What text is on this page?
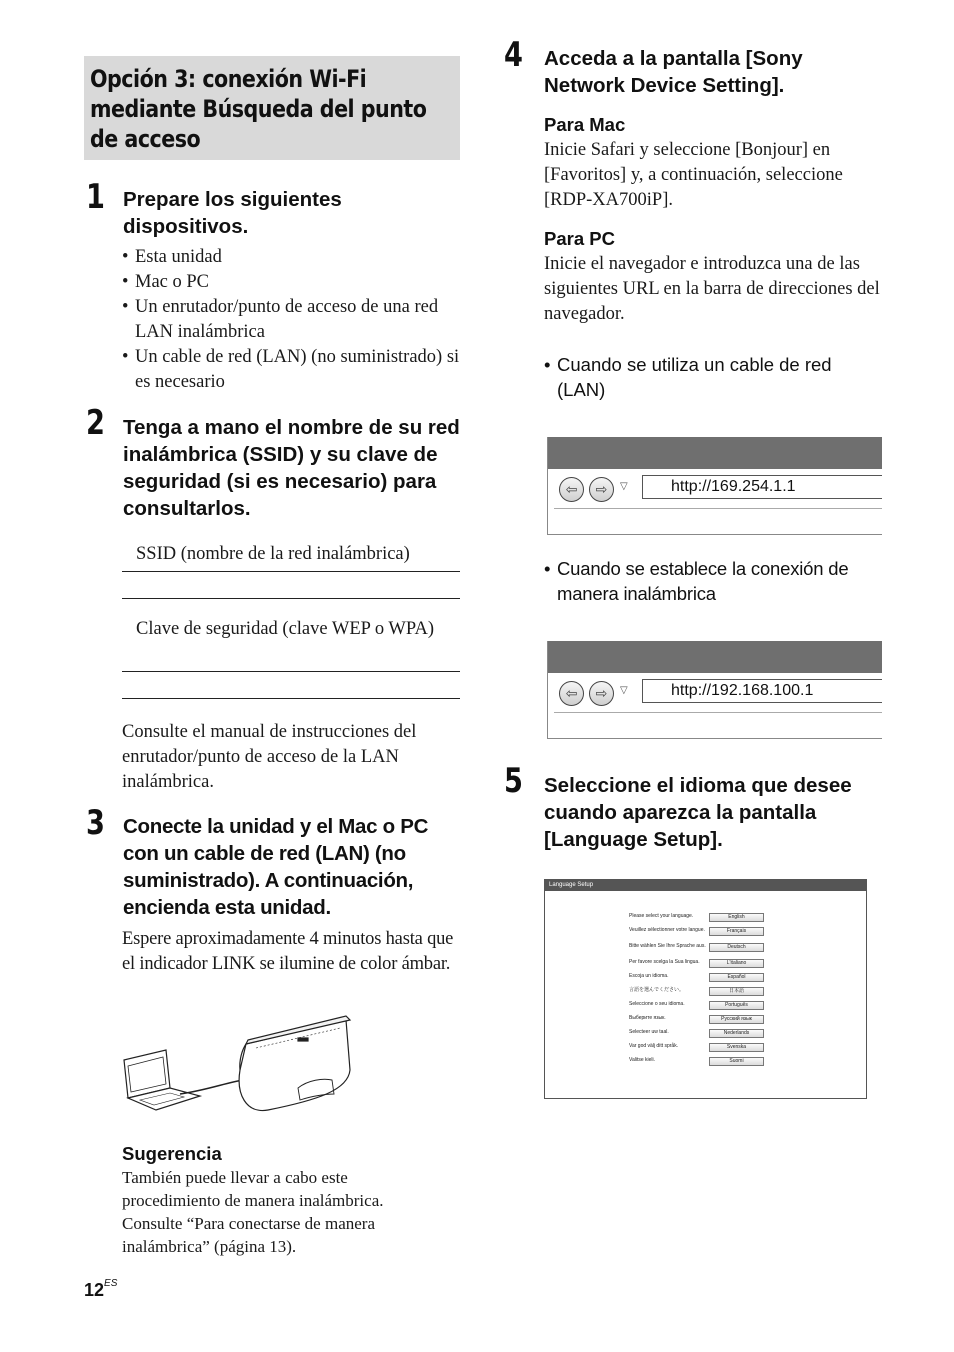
Opción 3: conexión Wi-Fi mediante Búsqueda del punto de acceso
1 Prepare los siguientes dispositivos.
• Esta unidad
• Mac o PC
• Un enrutador/punto de acceso de una red LAN inalámbrica
• Un cable de red (LAN) (no suministrado) si es necesario
2 Tenga a mano el nombre de su red inalámbrica (SSID) y su clave de seguridad (si es necesario) para consultarlos.
SSID (nombre de la red inalámbrica)
Clave de seguridad (clave WEP o WPA)
Consulte el manual de instrucciones del enrutador/punto de acceso de la LAN inalámbrica.
3 Conecte la unidad y el Mac o PC con un cable de red (LAN) (no suministrado). A continuación, encienda esta unidad.
Espere aproximadamente 4 minutos hasta que el indicador LINK se ilumine de color ámbar.
Sugerencia
También puede llevar a cabo este procedimiento de manera inalámbrica. Consulte “Para conectarse de manera inalámbrica” (página 13).
$12^{ES}$
4 Acceda a la pantalla [Sony Network Device Setting].
Para Mac
Inicie Safari y seleccione [Bonjour] en [Favoritos] y, a continuación, seleccione [RDP-XA700iP].
Para PC
Inicie el navegador e introduzca una de las siguientes URL en la barra de direcciones del navegador.
• Cuando se utiliza un cable de red (LAN)
⇦	⇨	▽	http://169.254.1.1
• Cuando se establece la conexión de manera inalámbrica
⇦	⇨	▽	http://192.168.100.1
5 Seleccione el idioma que desee cuando aparezca la pantalla [Language Setup].
Language Setup
Please select your language.	English
Veuillez sélectionner votre langue.	Français
Bitte wählen Sie Ihre Sprache aus.	Deutsch
Per favore scelga la Sua lingua.	L'italiano
Escoja un idioma.	Español
言語を選んでください。	日本語
Seleccione o seu idioma.	Português
Выберите язык.	Русский язык
Selecteer uw taal.	Nederlands
Var god välj ditt språk.	Svenska
Valitse kieli.	Suomi
